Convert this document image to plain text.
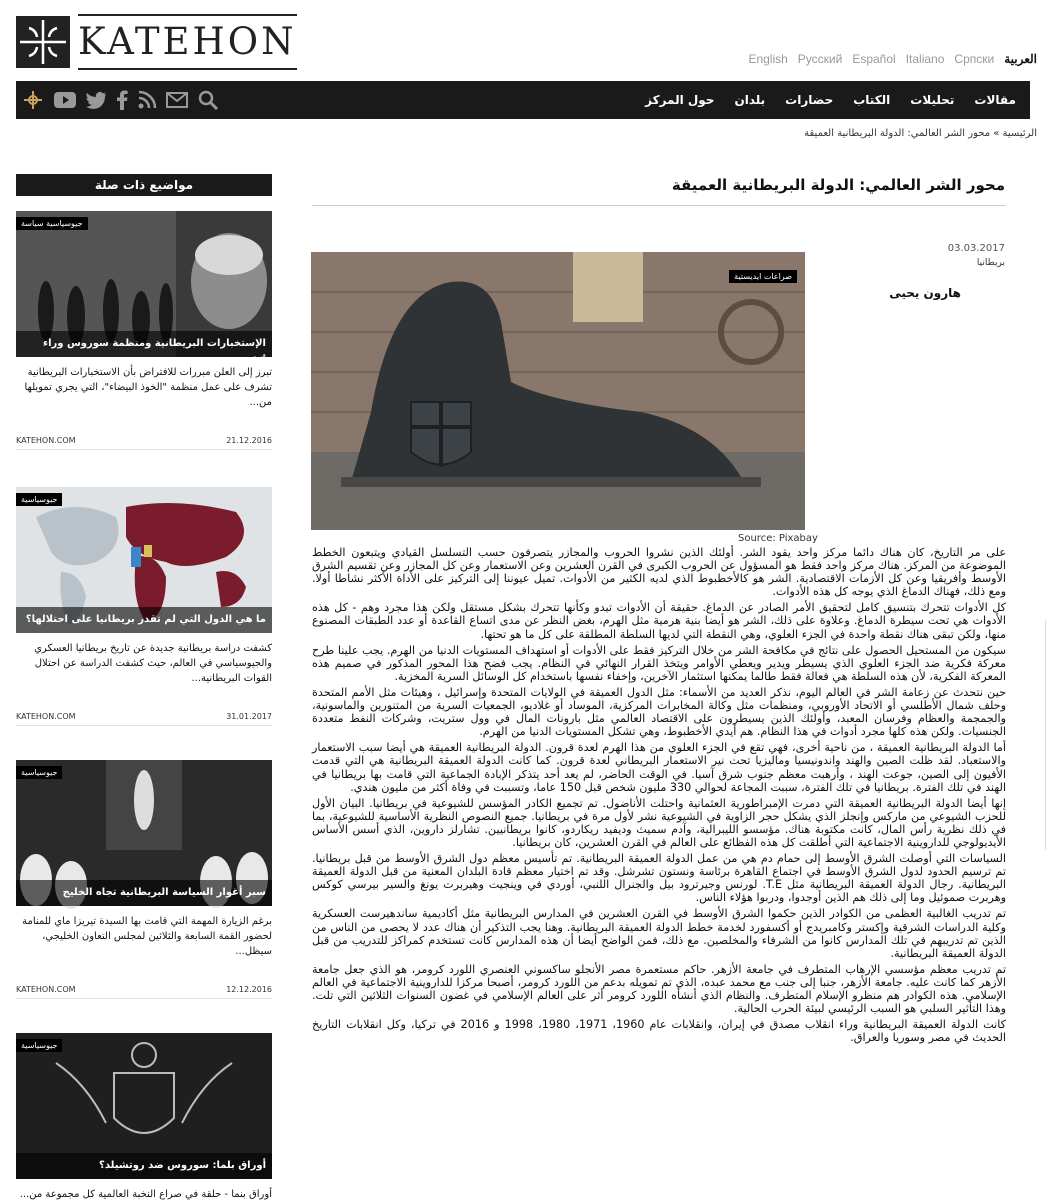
KATEHON	English Русский Español Italiano Српски العربية
مقالات
تحليلات
الكتاب
حضارات
بلدان
حول المركز
الرئيسية » محور الشر العالمي: الدولة البريطانية العميقة
مواضيع ذات صلة
جيوسياسية سياسة
الإستخبارات البريطانية ومنظمة سوروس وراء أكاذيب...
تبرز إلى العلن مبررات للافتراض بأن الاستخبارات البريطانية تشرف على عمل منظمة "الخوذ البيضاء"، التي يجري تمويلها من...
KATEHON.COM	21.12.2016
جيوسياسية
ما هي الدول التي لم تقدر بريطانيا على احتلالها؟
كشفت دراسة بريطانية جديدة عن تاريخ بريطانيا العسكري والجيوسياسي في العالم، حيث كشفت الدراسة عن احتلال القوات البريطانية...
KATEHON.COM	31.01.2017
جيوسياسية
سبر أغوار السياسة البريطانية تجاه الخليج
برغم الزيارة المهمة التي قامت بها السيدة تيريزا ماي للمنامة لحضور القمة السابعة والثلاثين لمجلس التعاون الخليجي، سيظل...
KATEHON.COM	12.12.2016
جيوسياسية
أوراق بلما: سوروس ضد روتشيلد؟
أوراق بنما - حلقة في صراع النخبة العالمية كل مجموعة من...
محور الشر العالمي: الدولة البريطانية العميقة
03.03.2017
بريطانيا
هارون يحيى
صراعات ايديستية
Source: Pixabay

على مر التاريخ، كان هناك دائما مركز واحد يقود الشر. أولئك الذين نشروا الحروب والمجازر يتصرفون حسب التسلسل القيادي ويتبعون الخطط الموضوعة من المركز. هناك مركز واحد فقط هو المسؤول عن الحروب الكبرى في القرن العشرين وعن الاستعمار وعن كل المجازر وعن تقسيم الشرق الأوسط وأفريقيا وعن كل الأزمات الاقتصادية. الشر هو كالأخطبوط الذي لديه الكثير من الأدوات. تميل عيوننا إلى التركيز على الأداة الأكثر نشاطا أولا. ومع ذلك، فهناك الدماغ الذي يوجه كل هذه الأدوات.

كل الأدوات تتحرك بتنسيق كامل لتحقيق الأمر الصادر عن الدماغ. حقيقة أن الأدوات تبدو وكأنها تتحرك بشكل مستقل ولكن هذا مجرد وهم - كل هذه الأدوات هي تحت سيطرة الدماغ. وعلاوة على ذلك، الشر هو أيضا بنية هرمية مثل الهرم، بغض النظر عن مدى اتساع القاعدة أو عدد الطبقات المصنوع منها، ولكن تبقى هناك نقطة واحدة في الجزء العلوي، وهي النقطة التي لديها السلطة المطلقة على كل ما هو تحتها.

سيكون من المستحيل الحصول على نتائج في مكافحة الشر من خلال التركيز فقط على الأدوات أو استهداف المستويات الدنيا من الهرم. يجب علينا طرح معركة فكرية ضد الجزء العلوي الذي يسيطر ويدير ويعطي الأوامر ويتخذ القرار النهائي في النظام. يجب فضح هذا المحور المذكور في صميم هذه المعركة الفكرية، لأن هذه السلطة هي فعالة فقط طالما يمكنها استثمار الآخرين، وإخفاء نفسها باستخدام كل الوسائل السرية المخزية.

حين نتحدث عن زعامة الشر في العالم اليوم، نذكر العديد من الأسماء: مثل الدول العميقة في الولايات المتحدة وإسرائيل ، وهيئات مثل الأمم المتحدة وحلف شمال الأطلسي أو الاتحاد الأوروبي، ومنظمات مثل وكالة المخابرات المركزية، الموساد أو غلاديو، الجمعيات السرية من المتنورين والماسونية، والجمجمة والعظام وفرسان المعبد، وأولئك الذين يسيطرون على الاقتصاد العالمي مثل بارونات المال في وول ستريت، وشركات النفط متعددة الجنسيات. ولكن هذه كلها مجرد أدوات في هذا النظام. هم أيدي الأخطبوط، وهي تشكل المستويات الدنيا من الهرم.

أما الدولة البريطانية العميقة ، من ناحية أخرى، فهي تقع في الجزء العلوي من هذا الهرم لعدة قرون. الدولة البريطانية العميقة هي أيضا سبب الاستعمار والاستعباد. لقد ظلت الصين والهند واندونيسيا وماليزيا تحت نير الاستعمار البريطاني لعدة قرون. كما كانت الدولة العميقة البريطانية هي التي قدمت الأفيون إلى الصين، جوعت الهند ، وأرهبت معظم جنوب شرق آسيا. في الوقت الحاضر، لم يعد أحد يتذكر الإبادة الجماعية التي قامت بها بريطانيا في الهند في تلك الفترة. بريطانيا في تلك الفترة، سببت المجاعة لحوالي 330 مليون شخص قبل 150 عاما، وتسببت في وفاة أكثر من مليون هندي.

إنها أيضا الدولة البريطانية العميقة التي دمرت الإمبراطورية العثمانية واحتلت الأناضول. تم تجميع الكادر المؤسس للشيوعية في بريطانيا. البيان الأول للحزب الشيوعي من ماركس وإنجلز الذي يشكل حجر الزاوية في الشيوعية نشر لأول مرة في بريطانيا. جميع النصوص النظرية الأساسية للشيوعية، بما في ذلك نظرية رأس المال، كانت مكتوبة هناك. مؤسسو الليبرالية، وآدم سميث وديفيد ريكاردو، كانوا بريطانيين. تشارلز داروين، الذي أسس الأساس الأيديولوجي للداروينية الاجتماعية التي أطلقت كل هذه الفظائع على العالم في القرن العشرين، كان بريطانيا.

السياسات التي أوصلت الشرق الأوسط إلى حمام دم هي من عمل الدولة العميقة البريطانية. تم تأسيس معظم دول الشرق الأوسط من قبل بريطانيا. تم ترسيم الحدود لدول الشرق الأوسط في اجتماع القاهرة برئاسة ونستون تشرشل. وقد تم اختيار معظم قادة البلدان المعنية من قبل الدولة العميقة البريطانية. رجال الدولة العميقة البريطانية مثل T.E. لورنس وجيرترود بيل والجنرال اللنبي، أوردي في وينجيت وهيربرت يونغ والسير بيرسي كوكس وهربرت صموئيل وما إلى ذلك هم الذين أوجدوا، ودربوا هؤلاء الناس.

تم تدريب الغالبية العظمى من الكوادر الذين حكموا الشرق الأوسط في القرن العشرين في المدارس البريطانية مثل أكاديمية ساندهيرست العسكرية وكلية الدراسات الشرقية وإكستر وكامبريدج أو أكسفورد لخدمة خطط الدولة العميقة البريطانية. وهنا يجب التذكير أن هناك عدد لا يحصى من الناس من الذين تم تدريبهم في تلك المدارس كانوا من الشرفاء والمخلصين. مع ذلك، فمن الواضح أيضا أن هذه المدارس كانت تستخدم كمراكز للتدريب من قبل الدولة العميقة البريطانية.

تم تدريب معظم مؤسسي الإرهاب المتطرف في جامعة الأزهر. حاكم مستعمرة مصر الأنجلو ساكسوني العنصري اللورد كرومر، هو الذي جعل جامعة الأزهر كما كانت عليه. جامعة الأزهر، جنبا إلى جنب مع محمد عبده، الذي تم تمويله بدعم من اللورد كرومر، أصبحا مركزا للداروينية الاجتماعية في العالم الإسلامي. هذه الكوادر هم منظرو الإسلام المتطرف. والنظام الذي أنشأه اللورد كرومر أثر على العالم الإسلامي في غضون السنوات الثلاثين التي تلت. وهذا التأثير السلبي هو السبب الرئيسي لبيئة الحرب الحالية.

كانت الدولة العميقة البريطانية وراء انقلاب مصدق في إيران، وانقلابات عام 1960، 1971، 1980، 1998 و 2016 في تركيا، وكل انقلابات التاريخ الحديث في مصر وسوريا والعراق.
